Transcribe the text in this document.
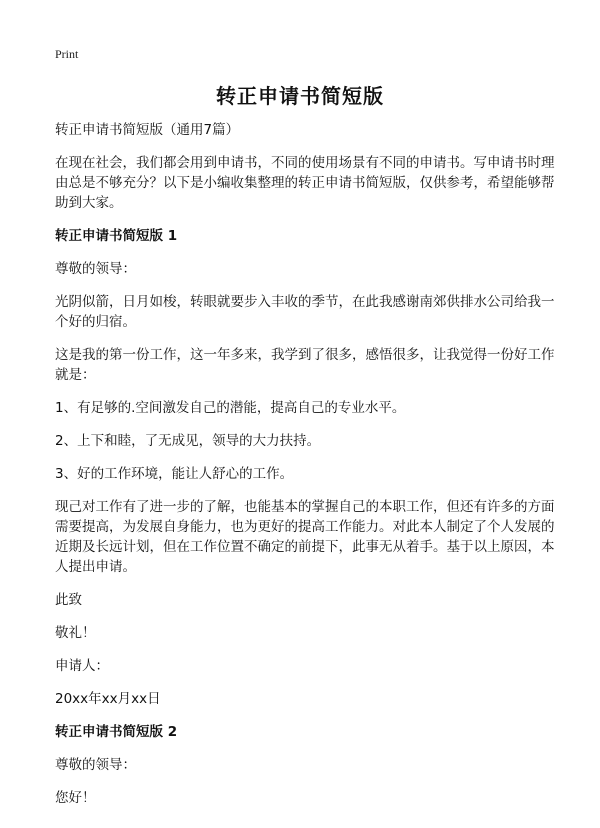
Print
转正申请书简短版

转正申请书简短版（通用7篇）

在现在社会，我们都会用到申请书，不同的使用场景有不同的申请书。写申请书时理由总是不够充分？以下是小编收集整理的转正申请书简短版，仅供参考，希望能够帮助到大家。

转正申请书简短版 1

尊敬的领导：

光阴似箭，日月如梭，转眼就要步入丰收的季节，在此我感谢南郊供排水公司给我一个好的归宿。

这是我的第一份工作，这一年多来，我学到了很多，感悟很多，让我觉得一份好工作就是：

1、有足够的.空间激发自己的潜能，提高自己的专业水平。

2、上下和睦，了无成见，领导的大力扶持。

3、好的工作环境，能让人舒心的工作。

现己对工作有了进一步的了解，也能基本的掌握自己的本职工作，但还有许多的方面需要提高，为发展自身能力，也为更好的提高工作能力。对此本人制定了个人发展的近期及长远计划，但在工作位置不确定的前提下，此事无从着手。基于以上原因，本人提出申请。

此致

敬礼！

申请人：

20xx年xx月xx日

转正申请书简短版 2

尊敬的领导：

您好！
